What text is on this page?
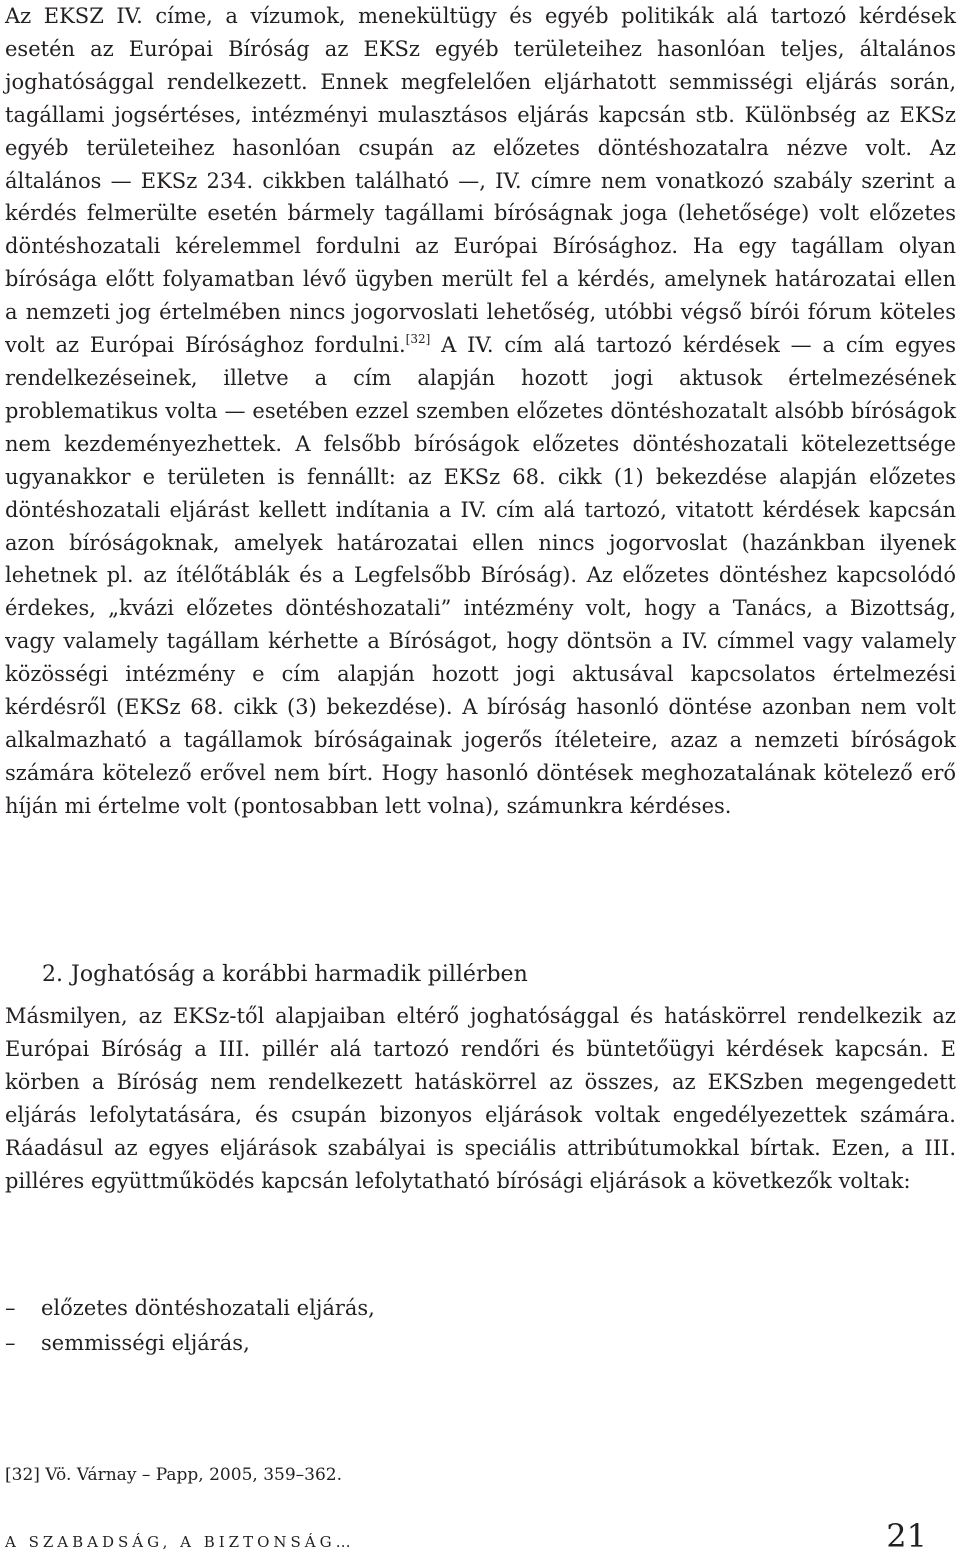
Az EKSZ IV. címe, a vízumok, menekültügy és egyéb politikák alá tartozó kérdések esetén az Európai Bíróság az EKSz egyéb területeihez hasonlóan teljes, általános joghatósággal rendelkezett. Ennek megfelelően eljárhatott semmisségi eljárás során, tagállami jogsértéses, intézményi mulasztásos eljárás kapcsán stb. Különbség az EKSz egyéb területeihez hasonlóan csupán az előzetes döntéshozatalra nézve volt. Az általános — EKSz 234. cikkben található —, IV. címre nem vonatkozó szabály szerint a kérdés felmerülte esetén bármely tagállami bíróságnak joga (lehetősége) volt előzetes döntéshozatali kérelemmel fordulni az Európai Bírósághoz. Ha egy tagállam olyan bírósága előtt folyamatban lévő ügyben merült fel a kérdés, amelynek határozatai ellen a nemzeti jog értelmében nincs jogorvoslati lehetőség, utóbbi végső bírói fórum köteles volt az Európai Bírósághoz fordulni.[32] A IV. cím alá tartozó kérdések — a cím egyes rendelkezéseinek, illetve a cím alapján hozott jogi aktusok értelmezésének problematikus volta — esetében ezzel szemben előzetes döntéshozatalt alsóbb bíróságok nem kezdeményezhettek. A felsőbb bíróságok előzetes döntéshozatali kötelezettsége ugyanakkor e területen is fennállt: az EKSz 68. cikk (1) bekezdése alapján előzetes döntéshozatali eljárást kellett indítania a IV. cím alá tartozó, vitatott kérdések kapcsán azon bíróságoknak, amelyek határozatai ellen nincs jogorvoslat (hazánkban ilyenek lehetnek pl. az ítélőtáblák és a Legfelsőbb Bíróság). Az előzetes döntéshez kapcsolódó érdekes, „kvázi előzetes döntéshozatali” intézmény volt, hogy a Tanács, a Bizottság, vagy valamely tagállam kérhette a Bíróságot, hogy döntsön a IV. címmel vagy valamely közösségi intézmény e cím alapján hozott jogi aktusával kapcsolatos értelmezési kérdésről (EKSz 68. cikk (3) bekezdése). A bíróság hasonló döntése azonban nem volt alkalmazható a tagállamok bíróságainak jogerős ítéleteire, azaz a nemzeti bíróságok számára kötelező erővel nem bírt. Hogy hasonló döntések meghozatalának kötelező erő híján mi értelme volt (pontosabban lett volna), számunkra kérdéses.

2. Joghatóság a korábbi harmadik pillérben

Másmilyen, az EKSz-től alapjaiban eltérő joghatósággal és hatáskörrel rendelkezik az Európai Bíróság a III. pillér alá tartozó rendőri és büntetőügyi kérdések kapcsán. E körben a Bíróság nem rendelkezett hatáskörrel az összes, az EKSzben megengedett eljárás lefolytatására, és csupán bizonyos eljárások voltak engedélyezettek számára. Ráadásul az egyes eljárások szabályai is speciális attribútumokkal bírtak. Ezen, a III. pilléres együttműködés kapcsán lefolytatható bírósági eljárások a következők voltak:

– előzetes döntéshozatali eljárás,
– semmisségi eljárás,

[32] Vö. Várnay – Papp, 2005, 359–362.

A SZABADSÁG, A BIZTONSÁG…	21
